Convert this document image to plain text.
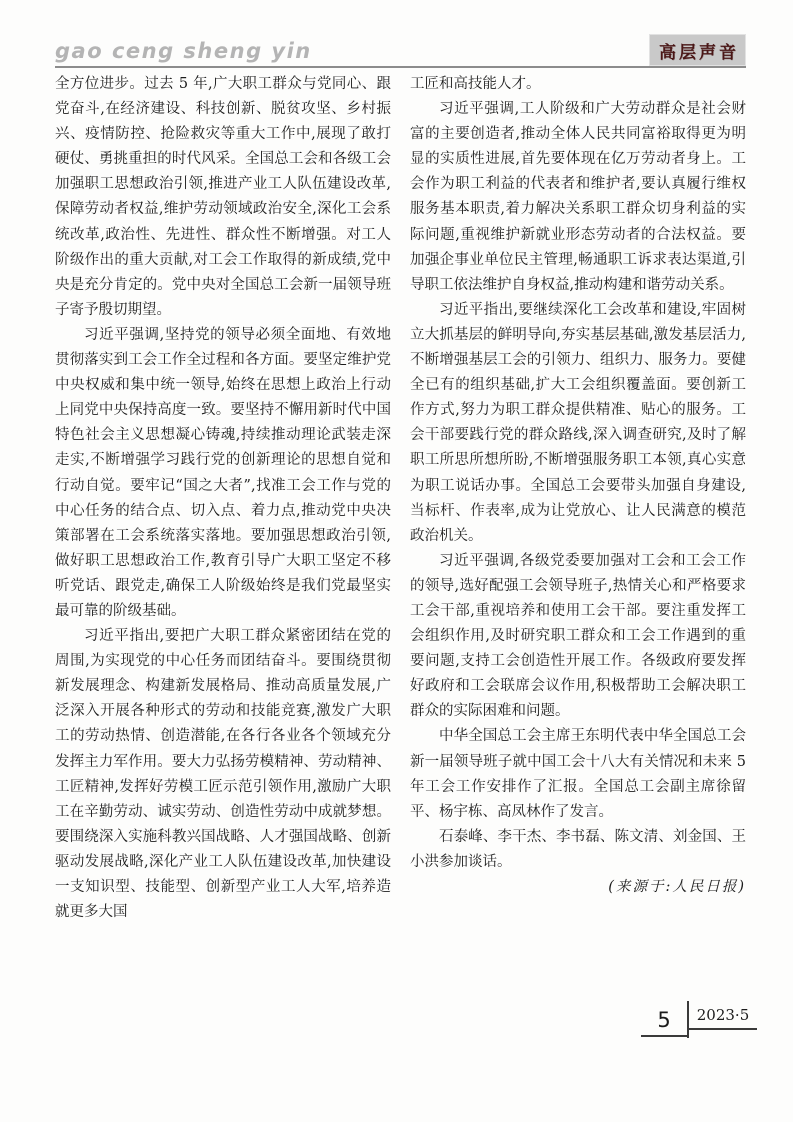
gao ceng sheng yin	高层声音

全方位进步。过去 5 年,广大职工群众与党同心、跟党奋斗,在经济建设、科技创新、脱贫攻坚、乡村振兴、疫情防控、抢险救灾等重大工作中,展现了敢打硬仗、勇挑重担的时代风采。全国总工会和各级工会加强职工思想政治引领,推进产业工人队伍建设改革,保障劳动者权益,维护劳动领域政治安全,深化工会系统改革,政治性、先进性、群众性不断增强。对工人阶级作出的重大贡献,对工会工作取得的新成绩,党中央是充分肯定的。党中央对全国总工会新一届领导班子寄予殷切期望。

习近平强调,坚持党的领导必须全面地、有效地贯彻落实到工会工作全过程和各方面。要坚定维护党中央权威和集中统一领导,始终在思想上政治上行动上同党中央保持高度一致。要坚持不懈用新时代中国特色社会主义思想凝心铸魂,持续推动理论武装走深走实,不断增强学习践行党的创新理论的思想自觉和行动自觉。要牢记“国之大者”,找准工会工作与党的中心任务的结合点、切入点、着力点,推动党中央决策部署在工会系统落实落地。要加强思想政治引领,做好职工思想政治工作,教育引导广大职工坚定不移听党话、跟党走,确保工人阶级始终是我们党最坚实最可靠的阶级基础。

习近平指出,要把广大职工群众紧密团结在党的周围,为实现党的中心任务而团结奋斗。要围绕贯彻新发展理念、构建新发展格局、推动高质量发展,广泛深入开展各种形式的劳动和技能竞赛,激发广大职工的劳动热情、创造潜能,在各行各业各个领域充分发挥主力军作用。要大力弘扬劳模精神、劳动精神、工匠精神,发挥好劳模工匠示范引领作用,激励广大职工在辛勤劳动、诚实劳动、创造性劳动中成就梦想。要围绕深入实施科教兴国战略、人才强国战略、创新驱动发展战略,深化产业工人队伍建设改革,加快建设一支知识型、技能型、创新型产业工人大军,培养造就更多大国

工匠和高技能人才。

习近平强调,工人阶级和广大劳动群众是社会财富的主要创造者,推动全体人民共同富裕取得更为明显的实质性进展,首先要体现在亿万劳动者身上。工会作为职工利益的代表者和维护者,要认真履行维权服务基本职责,着力解决关系职工群众切身利益的实际问题,重视维护新就业形态劳动者的合法权益。要加强企事业单位民主管理,畅通职工诉求表达渠道,引导职工依法维护自身权益,推动构建和谐劳动关系。

习近平指出,要继续深化工会改革和建设,牢固树立大抓基层的鲜明导向,夯实基层基础,激发基层活力,不断增强基层工会的引领力、组织力、服务力。要健全已有的组织基础,扩大工会组织覆盖面。要创新工作方式,努力为职工群众提供精准、贴心的服务。工会干部要践行党的群众路线,深入调查研究,及时了解职工所思所想所盼,不断增强服务职工本领,真心实意为职工说话办事。全国总工会要带头加强自身建设,当标杆、作表率,成为让党放心、让人民满意的模范政治机关。

习近平强调,各级党委要加强对工会和工会工作的领导,选好配强工会领导班子,热情关心和严格要求工会干部,重视培养和使用工会干部。要注重发挥工会组织作用,及时研究职工群众和工会工作遇到的重要问题,支持工会创造性开展工作。各级政府要发挥好政府和工会联席会议作用,积极帮助工会解决职工群众的实际困难和问题。

中华全国总工会主席王东明代表中华全国总工会新一届领导班子就中国工会十八大有关情况和未来 5 年工会工作安排作了汇报。全国总工会副主席徐留平、杨宇栋、高凤林作了发言。

石泰峰、李干杰、李书磊、陈文清、刘金国、王小洪参加谈话。

(来源于:人民日报)

5	2023·5
